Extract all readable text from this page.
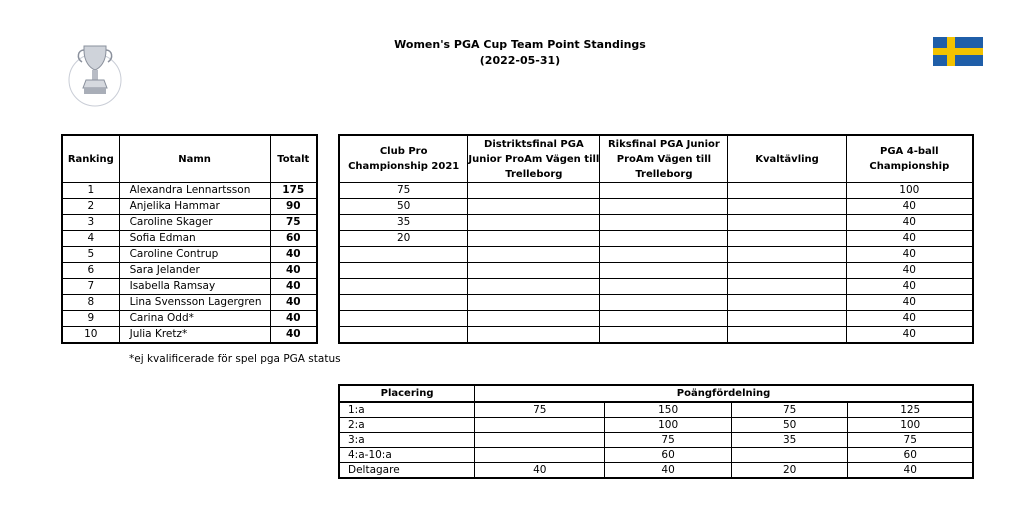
Women's PGA Cup Team Point Standings
(2022-05-31)
Ranking	Namn	Totalt
1	Alexandra Lennartsson	175
2	Anjelika Hammar	90
3	Caroline Skager	75
4	Sofia Edman	60
5	Caroline Contrup	40
6	Sara Jelander	40
7	Isabella Ramsay	40
8	Lina Svensson Lagergren	40
9	Carina Odd*	40
10	Julia Kretz*	40
Club Pro Championship 2021	Distriktsfinal PGA Junior ProAm Vägen till Trelleborg	Riksfinal PGA Junior ProAm Vägen till Trelleborg	Kvaltävling	PGA 4-ball Championship
75				100
50				40
35				40
20				40
				40
				40
				40
				40
				40
				40
*ej kvalificerade för spel pga PGA status
Placering	Poängfördelning			
1:a	75	150	75	125
2:a		100	50	100
3:a		75	35	75
4:a-10:a		60		60
Deltagare	40	40	20	40
